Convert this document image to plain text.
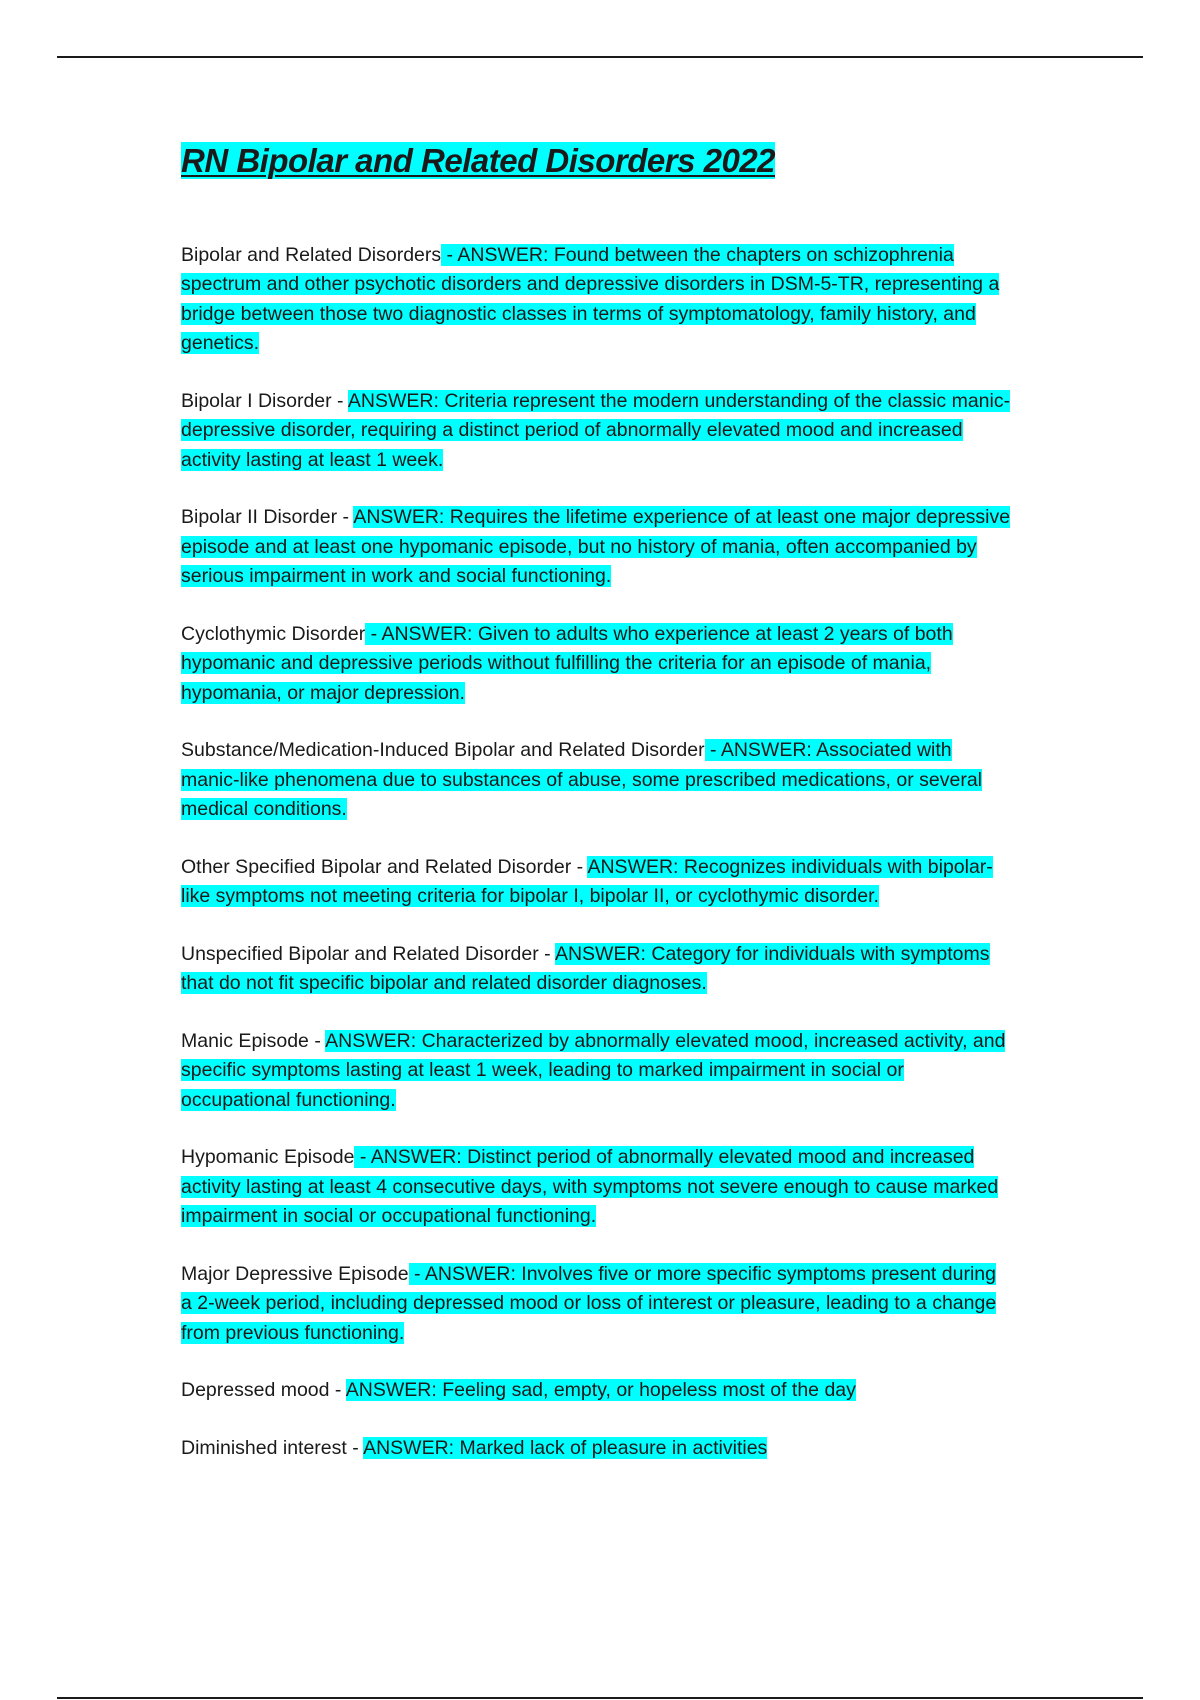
RN Bipolar and Related Disorders 2022

Bipolar and Related Disorders - ANSWER: Found between the chapters on schizophrenia spectrum and other psychotic disorders and depressive disorders in DSM-5-TR, representing a bridge between those two diagnostic classes in terms of symptomatology, family history, and genetics.

Bipolar I Disorder - ANSWER: Criteria represent the modern understanding of the classic manic-depressive disorder, requiring a distinct period of abnormally elevated mood and increased activity lasting at least 1 week.

Bipolar II Disorder - ANSWER: Requires the lifetime experience of at least one major depressive episode and at least one hypomanic episode, but no history of mania, often accompanied by serious impairment in work and social functioning.

Cyclothymic Disorder - ANSWER: Given to adults who experience at least 2 years of both hypomanic and depressive periods without fulfilling the criteria for an episode of mania, hypomania, or major depression.

Substance/Medication-Induced Bipolar and Related Disorder - ANSWER: Associated with manic-like phenomena due to substances of abuse, some prescribed medications, or several medical conditions.

Other Specified Bipolar and Related Disorder - ANSWER: Recognizes individuals with bipolar-like symptoms not meeting criteria for bipolar I, bipolar II, or cyclothymic disorder.

Unspecified Bipolar and Related Disorder - ANSWER: Category for individuals with symptoms that do not fit specific bipolar and related disorder diagnoses.

Manic Episode - ANSWER: Characterized by abnormally elevated mood, increased activity, and specific symptoms lasting at least 1 week, leading to marked impairment in social or occupational functioning.

Hypomanic Episode - ANSWER: Distinct period of abnormally elevated mood and increased activity lasting at least 4 consecutive days, with symptoms not severe enough to cause marked impairment in social or occupational functioning.

Major Depressive Episode - ANSWER: Involves five or more specific symptoms present during a 2-week period, including depressed mood or loss of interest or pleasure, leading to a change from previous functioning.

Depressed mood - ANSWER: Feeling sad, empty, or hopeless most of the day

Diminished interest - ANSWER: Marked lack of pleasure in activities
